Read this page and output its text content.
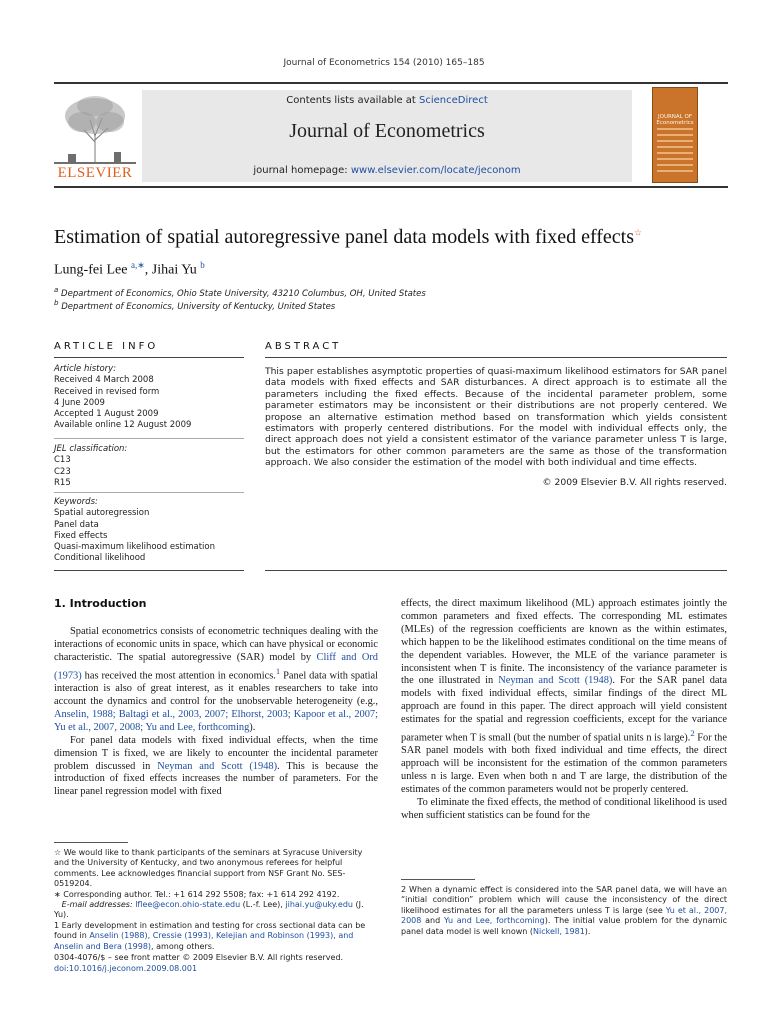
Journal of Econometrics 154 (2010) 165–185
ELSEVIER
Contents lists available at ScienceDirect
Journal of Econometrics
journal homepage: www.elsevier.com/locate/jeconom
JOURNAL OF Econometrics
Estimation of spatial autoregressive panel data models with fixed effects☆
Lung-fei Lee $^{a,∗}$, Jihai Yu $^b$
$^a$ Department of Economics, Ohio State University, 43210 Columbus, OH, United States
$^b$ Department of Economics, University of Kentucky, United States
ARTICLE INFO	ABSTRACT
Article history:
Received 4 March 2008
Received in revised form
4 June 2009
Accepted 1 August 2009
Available online 12 August 2009
JEL classification:
C13
C23
R15
Keywords:
Spatial autoregression
Panel data
Fixed effects
Quasi-maximum likelihood estimation
Conditional likelihood
This paper establishes asymptotic properties of quasi-maximum likelihood estimators for SAR panel data models with fixed effects and SAR disturbances. A direct approach is to estimate all the parameters including the fixed effects. Because of the incidental parameter problem, some parameter estimators may be inconsistent or their distributions are not properly centered. We propose an alternative estimation method based on transformation which yields consistent estimators with properly centered distributions. For the model with individual effects only, the direct approach does not yield a consistent estimator of the variance parameter unless T is large, but the estimators for other common parameters are the same as those of the transformation approach. We also consider the estimation of the model with both individual and time effects.
© 2009 Elsevier B.V. All rights reserved.
1. Introduction

Spatial econometrics consists of econometric techniques dealing with the interactions of economic units in space, which can have physical or economic characteristic. The spatial autoregressive (SAR) model by Cliff and Ord (1973) has received the most attention in economics.$^1$ Panel data with spatial interaction is also of great interest, as it enables researchers to take into account the dynamics and control for the unobservable heterogeneity (e.g., Anselin, 1988; Baltagi et al., 2003, 2007; Elhorst, 2003; Kapoor et al., 2007; Yu et al., 2007, 2008; Yu and Lee, forthcoming).

For panel data models with fixed individual effects, when the time dimension T is fixed, we are likely to encounter the incidental parameter problem discussed in Neyman and Scott (1948). This is because the introduction of fixed effects increases the number of parameters. For the linear panel regression model with fixed

effects, the direct maximum likelihood (ML) approach estimates jointly the common parameters and fixed effects. The corresponding ML estimates (MLEs) of the regression coefficients are known as the within estimates, which happen to be the likelihood estimates conditional on the time means of the dependent variables. However, the MLE of the variance parameter is inconsistent when T is finite. The inconsistency of the variance parameter is the one illustrated in Neyman and Scott (1948). For the SAR panel data models with fixed individual effects, similar findings of the direct ML approach are found in this paper. The direct approach will yield consistent estimates for the spatial and regression coefficients, except for the variance parameter when T is small (but the number of spatial units n is large).$^2$ For the SAR panel models with both fixed individual and time effects, the direct approach will be inconsistent for the estimation of the common parameters unless n is large. Even when both n and T are large, the distribution of the estimates of the common parameters would not be properly centered.

To eliminate the fixed effects, the method of conditional likelihood is used when sufficient statistics can be found for the

☆ We would like to thank participants of the seminars at Syracuse University and the University of Kentucky, and two anonymous referees for helpful comments. Lee acknowledges financial support from NSF Grant No. SES-0519204.

∗ Corresponding author. Tel.: +1 614 292 5508; fax: +1 614 292 4192.

E-mail addresses: lflee@econ.ohio-state.edu (L.-f. Lee), jihai.yu@uky.edu (J. Yu).

1 Early development in estimation and testing for cross sectional data can be found in Anselin (1988), Cressie (1993), Kelejian and Robinson (1993), and Anselin and Bera (1998), among others.

2 When a dynamic effect is considered into the SAR panel data, we will have an “initial condition” problem which will cause the inconsistency of the direct likelihood estimates for all the parameters unless T is large (see Yu et al., 2007, 2008 and Yu and Lee, forthcoming). The initial value problem for the dynamic panel data model is well known (Nickell, 1981).

0304-4076/$ – see front matter © 2009 Elsevier B.V. All rights reserved.
doi:10.1016/j.jeconom.2009.08.001
